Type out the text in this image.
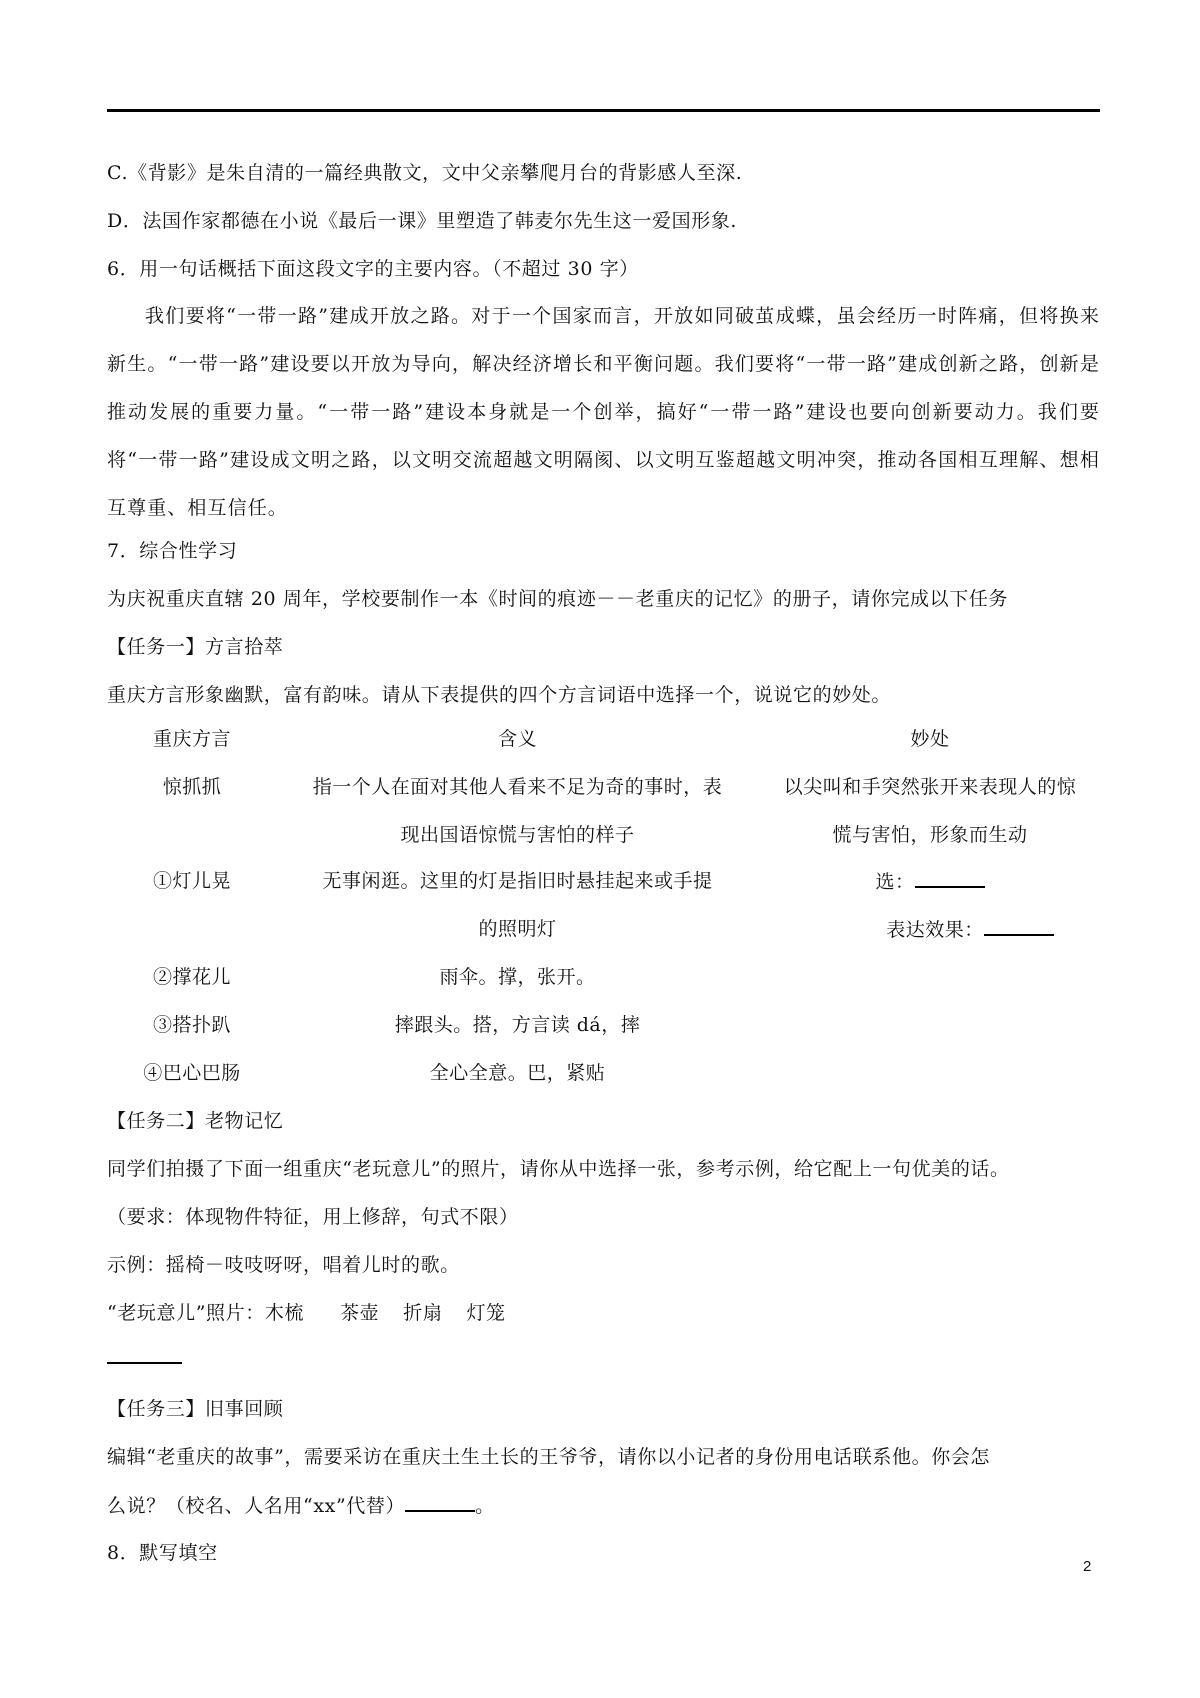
C.《背影》是朱自清的一篇经典散文，文中父亲攀爬月台的背影感人至深.
D．法国作家都德在小说《最后一课》里塑造了韩麦尔先生这一爱国形象.
6．用一句话概括下面这段文字的主要内容。（不超过 30 字）

我们要将“一带一路”建成开放之路。对于一个国家而言，开放如同破茧成蝶，虽会经历一时阵痛，但将换来新生。“一带一路”建设要以开放为导向，解决经济增长和平衡问题。我们要将“一带一路”建成创新之路，创新是推动发展的重要力量。“一带一路”建设本身就是一个创举，搞好“一带一路”建设也要向创新要动力。我们要将“一带一路”建设成文明之路，以文明交流超越文明隔阂、以文明互鉴超越文明冲突，推动各国相互理解、想相互尊重、相互信任。

7．综合性学习
为庆祝重庆直辖 20 周年，学校要制作一本《时间的痕迹－－老重庆的记忆》的册子，请你完成以下任务
【任务一】方言拾萃
重庆方言形象幽默，富有韵味。请从下表提供的四个方言词语中选择一个，说说它的妙处。
重庆方言	含义	妙处
惊抓抓	指一个人在面对其他人看来不足为奇的事时，表	以尖叫和手突然张开来表现人的惊
现出国语惊慌与害怕的样子	慌与害怕，形象而生动
①灯儿晃	无事闲逛。这里的灯是指旧时悬挂起来或手提	选：
的照明灯	表达效果：
②撑花儿	雨伞。撑，张开。
③搭扑趴	摔跟头。搭，方言读 dá，摔
④巴心巴肠	全心全意。巴，紧贴
【任务二】老物记忆
同学们拍摄了下面一组重庆“老玩意儿”的照片，请你从中选择一张，参考示例，给它配上一句优美的话。
（要求：体现物件特征，用上修辞，句式不限）
示例：摇椅－吱吱呀呀，唱着儿时的歌。
“老玩意儿”照片：木梳 茶壶 折扇 灯笼
【任务三】旧事回顾
编辑“老重庆的故事”，需要采访在重庆土生土长的王爷爷，请你以小记者的身份用电话联系他。你会怎
么说？（校名、人名用“xx”代替）	。
8．默写填空
2
